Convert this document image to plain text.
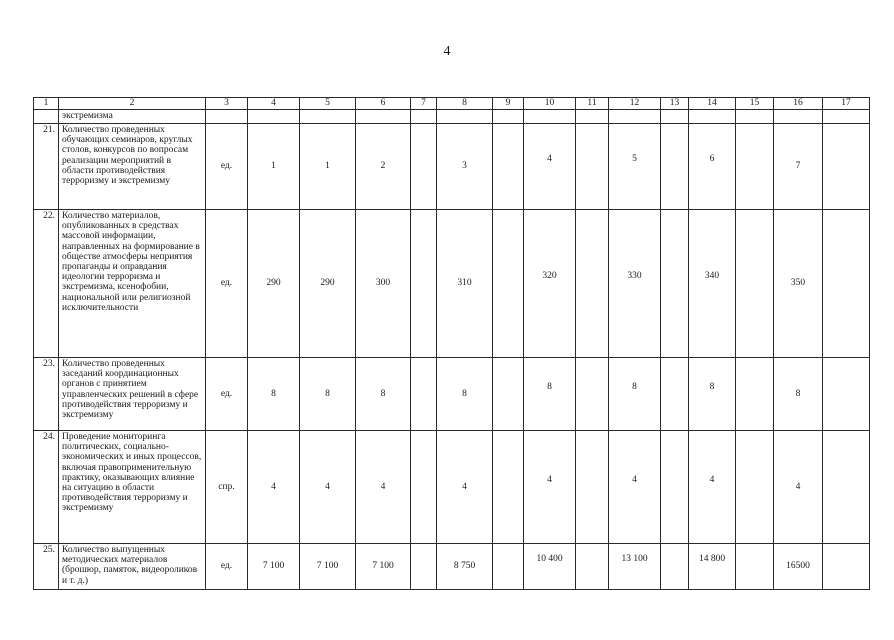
4
1	2	3	4	5	6	7	8	9	10	11	12	13	14	15	16	17
	экстремизма															
21.	Количество проведенных обучающих семинаров, круглых столов, конкурсов по вопросам реализации мероприятий в области противодействия терроризму и экстремизму	ед.	1	1	2		3		4		5		6		7	
22.	Количество материалов, опубликованных в средствах массовой информации, направленных на формирование в обществе атмосферы неприятия пропаганды и оправдания идеологии терроризма и экстремизма, ксенофобии, национальной или религиозной исключительности	ед.	290	290	300		310		320		330		340		350	
23.	Количество проведенных заседаний координационных органов с принятием управленческих решений в сфере противодействия терроризму и экстремизму	ед.	8	8	8		8		8		8		8		8	
24.	Проведение мониторинга политических, социально-экономических и иных процессов, включая правоприменительную практику, оказывающих влияние на ситуацию в области противодействия терроризму и экстремизму	спр.	4	4	4		4		4		4		4		4	
25.	Количество выпущенных методических материалов (брошюр, памяток, видеороликов и т. д.)	ед.	7 100	7 100	7 100		8 750		10 400		13 100		14 800		16500	
